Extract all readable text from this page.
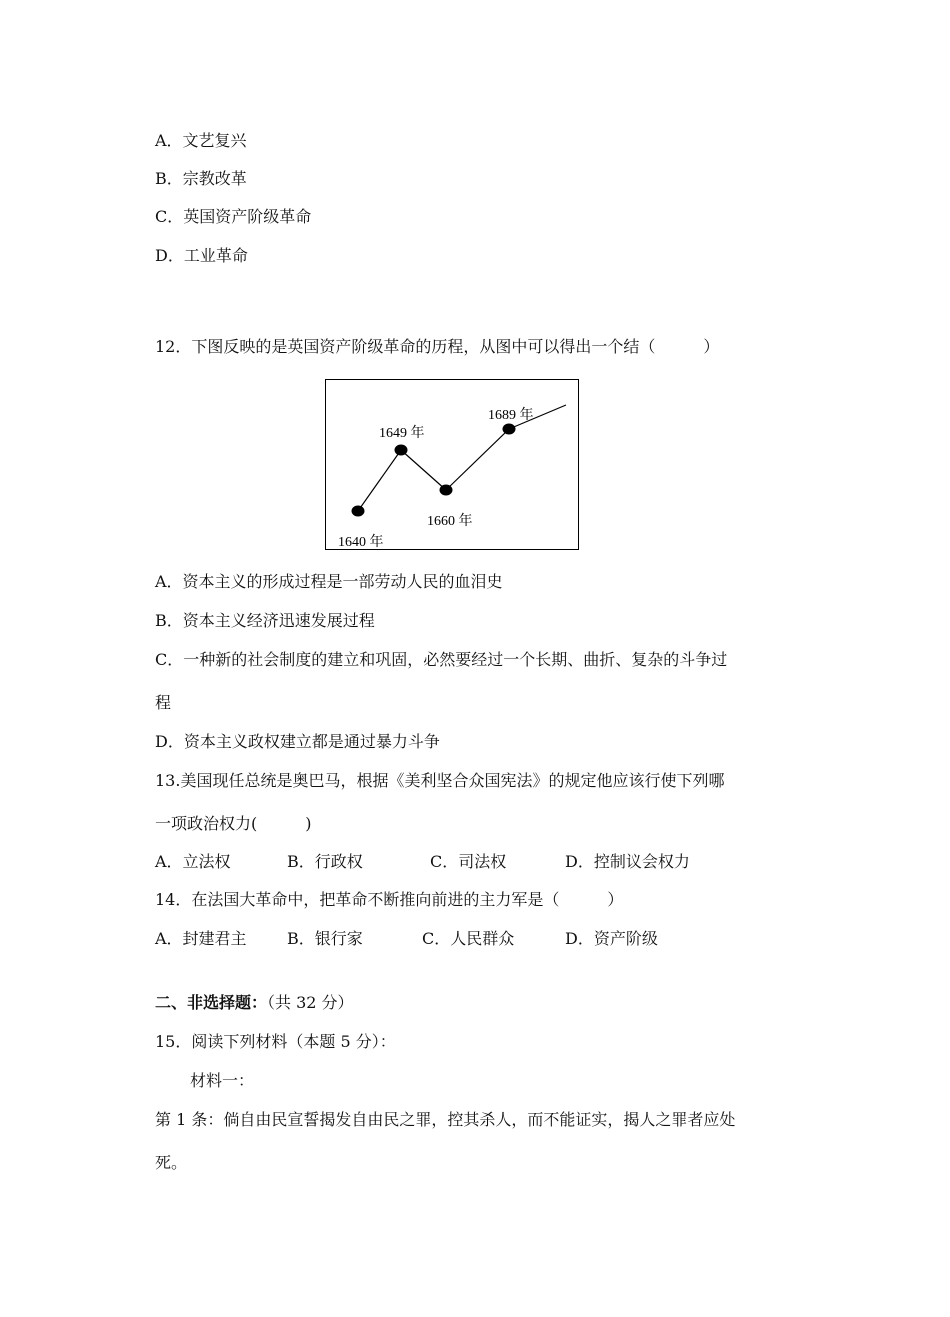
A．文艺复兴
B．宗教改革
C．英国资产阶级革命
D．工业革命
12．下图反映的是英国资产阶级革命的历程，从图中可以得出一个结（　　　）
1640 年
1649 年
1660 年
1689 年
A．资本主义的形成过程是一部劳动人民的血泪史
B．资本主义经济迅速发展过程
C．一种新的社会制度的建立和巩固，必然要经过一个长期、曲折、复杂的斗争过
程
D．资本主义政权建立都是通过暴力斗争
13.美国现任总统是奥巴马，根据《美利坚合众国宪法》的规定他应该行使下列哪
一项政治权力(　　　)
A．立法权	B．行政权	C．司法权	D．控制议会权力
14．在法国大革命中，把革命不断推向前进的主力军是（　　　）
A．封建君主	B．银行家	C．人民群众	D．资产阶级
二、非选择题：（共 32 分）
15．阅读下列材料（本题 5 分）：
材料一：
第 1 条：倘自由民宣誓揭发自由民之罪，控其杀人，而不能证实，揭人之罪者应处
死。
